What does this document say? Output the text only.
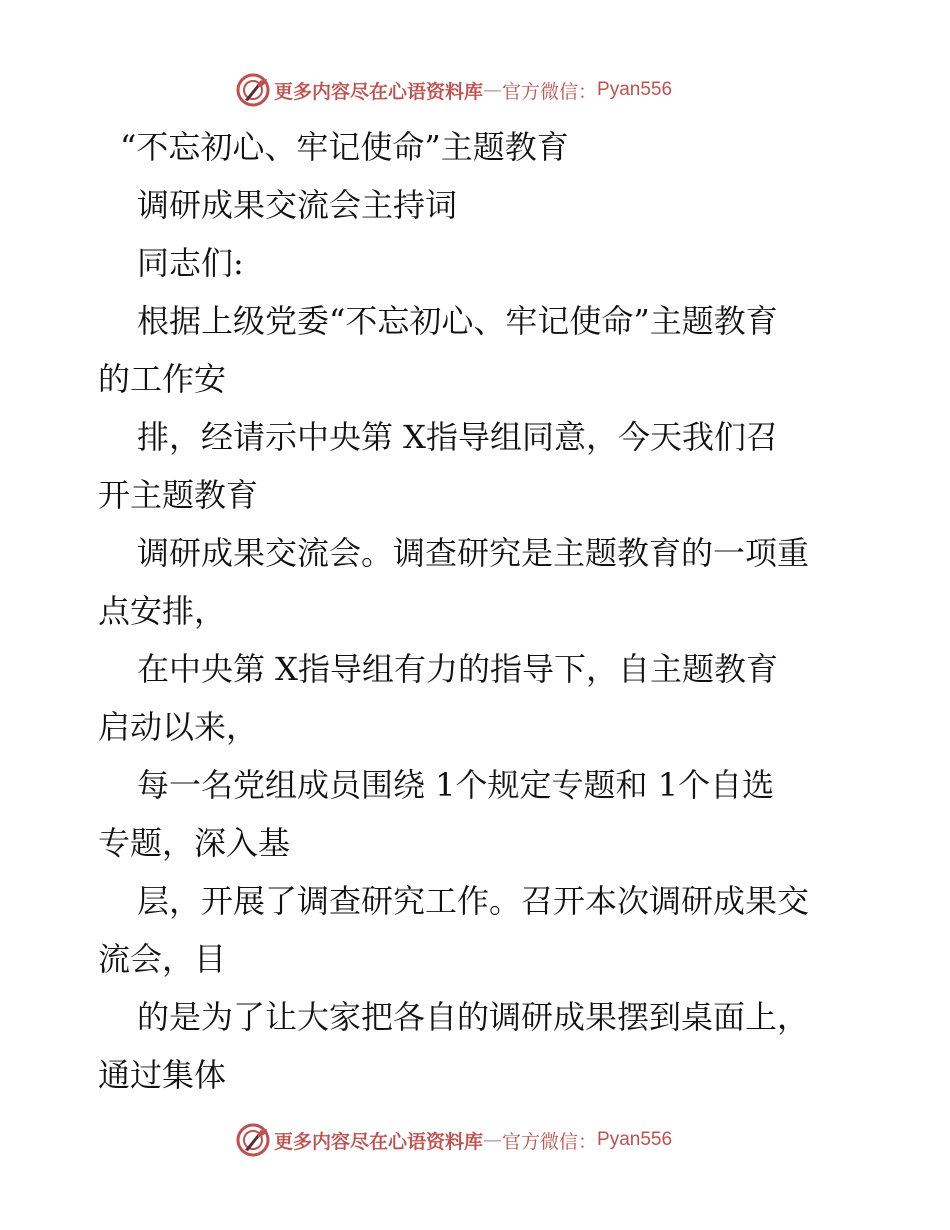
更多内容尽在心语资料库 — 官方微信： Pyan556
“不忘初心、牢记使命”主题教育
调研成果交流会主持词
同志们:
根据上级党委“不忘初心、牢记使命”主题教育
的工作安
排，经请示中央第 X指导组同意，今天我们召
开主题教育
调研成果交流会。调查研究是主题教育的一项重
点安排，
在中央第 X指导组有力的指导下，自主题教育
启动以来，
每一名党组成员围绕 1个规定专题和 1个自选
专题，深入基
层，开展了调查研究工作。召开本次调研成果交
流会，目
的是为了让大家把各自的调研成果摆到桌面上，
通过集体
更多内容尽在心语资料库 — 官方微信： Pyan556
